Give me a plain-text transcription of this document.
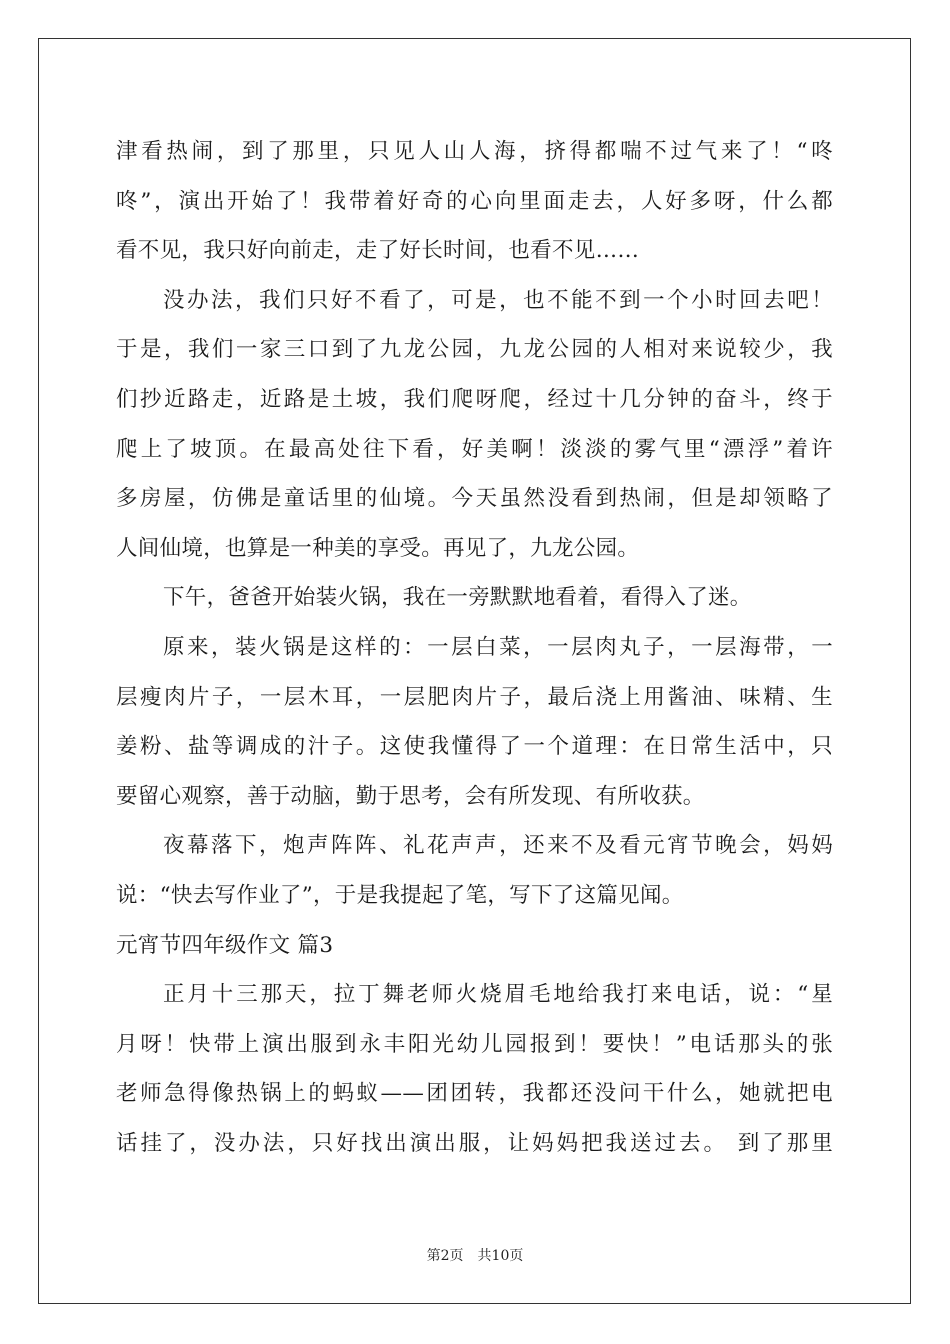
津看热闹，到了那里，只见人山人海，挤得都喘不过气来了！“咚
咚”，演出开始了！我带着好奇的心向里面走去，人好多呀，什么都
看不见，我只好向前走，走了好长时间，也看不见……
没办法，我们只好不看了，可是，也不能不到一个小时回去吧！
于是，我们一家三口到了九龙公园，九龙公园的人相对来说较少，我
们抄近路走，近路是土坡，我们爬呀爬，经过十几分钟的奋斗，终于
爬上了坡顶。在最高处往下看，好美啊！淡淡的雾气里“漂浮”着许
多房屋，仿佛是童话里的仙境。今天虽然没看到热闹，但是却领略了
人间仙境，也算是一种美的享受。再见了，九龙公园。
下午，爸爸开始装火锅，我在一旁默默地看着，看得入了迷。
原来，装火锅是这样的：一层白菜，一层肉丸子，一层海带，一
层瘦肉片子，一层木耳，一层肥肉片子，最后浇上用酱油、味精、生
姜粉、盐等调成的汁子。这使我懂得了一个道理：在日常生活中，只
要留心观察，善于动脑，勤于思考，会有所发现、有所收获。
夜幕落下，炮声阵阵、礼花声声，还来不及看元宵节晚会，妈妈
说：“快去写作业了”，于是我提起了笔，写下了这篇见闻。
元宵节四年级作文 篇3
正月十三那天，拉丁舞老师火烧眉毛地给我打来电话，说：“星
月呀！快带上演出服到永丰阳光幼儿园报到！要快！”电话那头的张
老师急得像热锅上的蚂蚁——团团转，我都还没问干什么，她就把电
话挂了，没办法，只好找出演出服，让妈妈把我送过去。 到了那里
第2页 共10页
